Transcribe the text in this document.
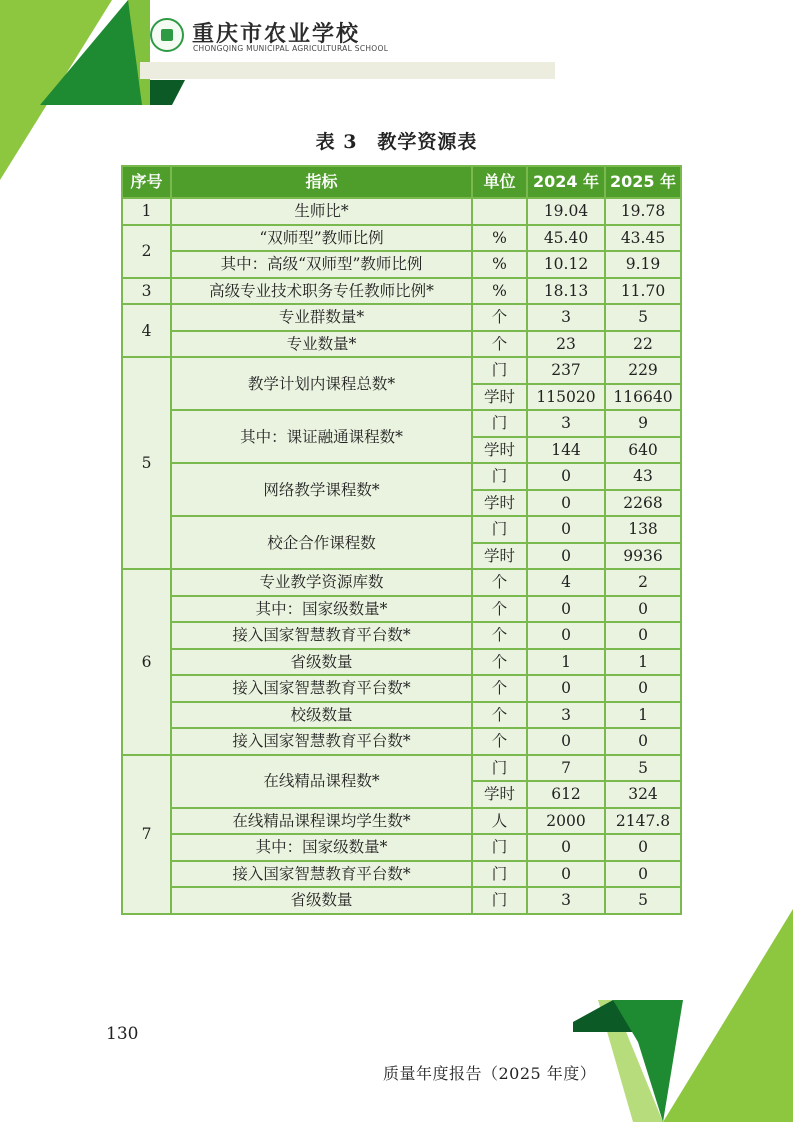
重庆市农业学校
CHONGQING MUNICIPAL AGRICULTURAL SCHOOL
表 3　教学资源表
序号	指标	单位	2024 年	2025 年
1	生师比*		19.04	19.78
2	“双师型”教师比例	%	45.40	43.45
	其中：高级“双师型”教师比例	%	10.12	9.19
3	高级专业技术职务专任教师比例*	%	18.13	11.70
4	专业群数量*	个	3	5
	专业数量*	个	23	22
5	教学计划内课程总数*	门	237	229
		学时	115020	116640
	其中：课证融通课程数*	门	3	9
		学时	144	640
	网络教学课程数*	门	0	43
		学时	0	2268
	校企合作课程数	门	0	138
		学时	0	9936
6	专业教学资源库数	个	4	2
	其中：国家级数量*	个	0	0
	接入国家智慧教育平台数*	个	0	0
	省级数量	个	1	1
	接入国家智慧教育平台数*	个	0	0
	校级数量	个	3	1
	接入国家智慧教育平台数*	个	0	0
7	在线精品课程数*	门	7	5
		学时	612	324
	在线精品课程课均学生数*	人	2000	2147.8
	其中：国家级数量*	门	0	0
	接入国家智慧教育平台数*	门	0	0
	省级数量	门	3	5
130
质量年度报告（2025 年度）
